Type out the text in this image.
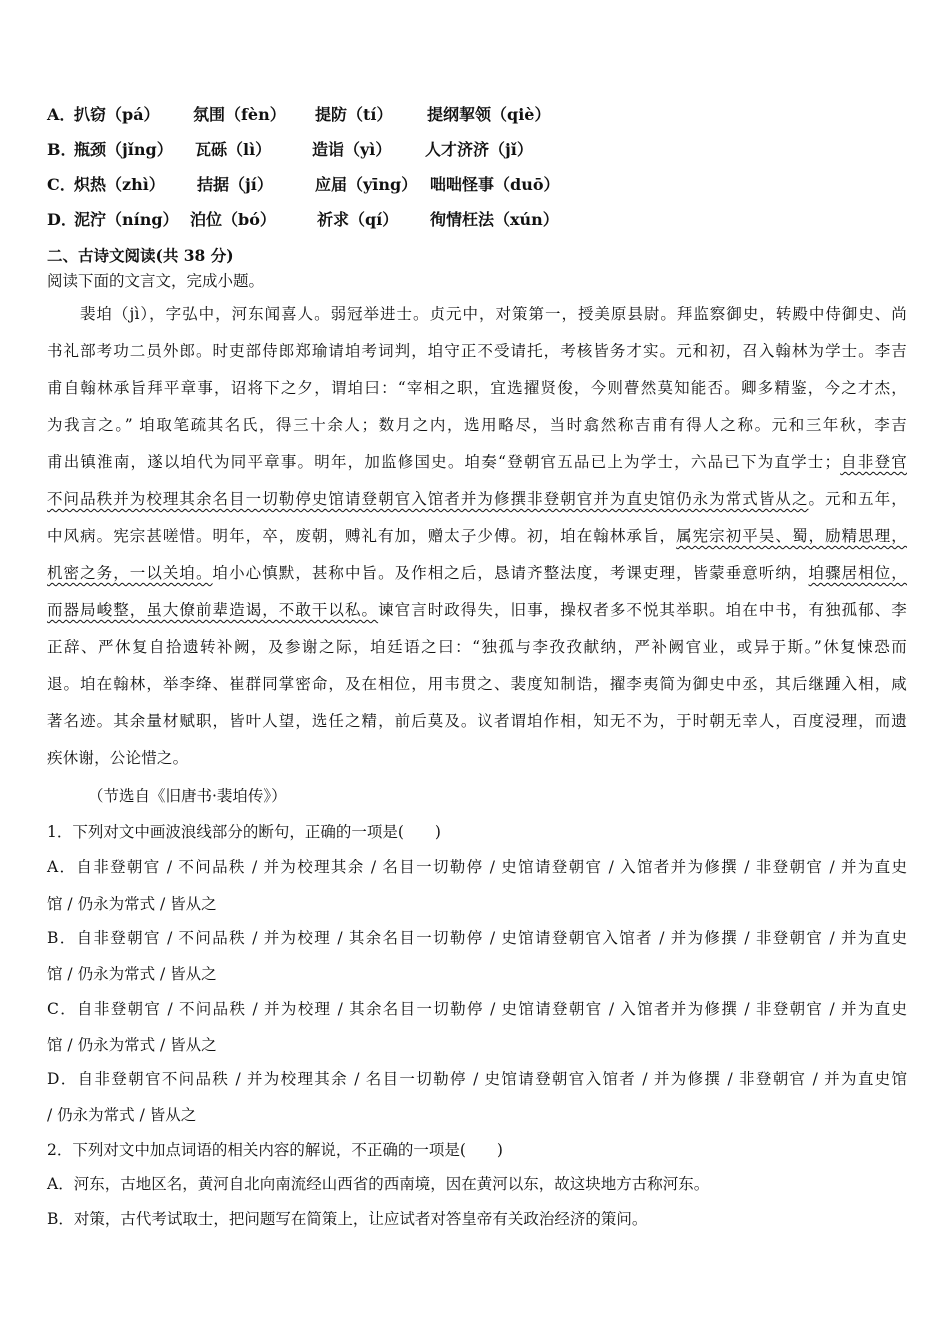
A．
扒窃（pá） 氛围（fèn） 提防（tí） 提纲挈领（qiè）
B．
瓶颈（jǐng） 瓦砾（lì）	造诣（yì） 人才济济（jǐ）
C．
炽热（zhì） 拮据（jí）	应届（yīng） 咄咄怪事（duō）
D．
泥泞（níng） 泊位（bó）	祈求（qí） 徇情枉法（xún）
二、古诗文阅读(共 38 分)
阅读下面的文言文，完成小题。
　　裴垍（jì），字弘中，河东闻喜人。弱冠举进士。贞元中，对策第一，授美原县尉。拜监察御史，转殿中侍御史、尚
书礼部考功二员外郎。时吏部侍郎郑瑜请垍考词判，垍守正不受请托，考核皆务才实。元和初，召入翰林为学士。李吉
甫自翰林承旨拜平章事，诏将下之夕，谓垍曰：“宰相之职，宜选擢贤俊，今则瞢然莫知能否。卿多精鉴，今之才杰，
为我言之。” 垍取笔疏其名氏，得三十余人；数月之内，选用略尽，当时翕然称吉甫有得人之称。元和三年秋，李吉
甫出镇淮南，遂以垍代为同平章事。明年，加监修国史。垍奏“登朝官五品已上为学士，六品已下为直学士；自非登官
不问品秩并为校理其余名目一切勒停史馆请登朝官入馆者并为修撰非登朝官并为直史馆仍永为常式皆从之。元和五年，
中风病。宪宗甚嗟惜。明年，卒，废朝，赙礼有加，赠太子少傅。初，垍在翰林承旨，属宪宗初平吴、蜀，励精思理，
机密之务，一以关垍。垍小心慎默，甚称中旨。及作相之后，恳请齐整法度，考课吏理，皆蒙垂意听纳，垍骤居相位，
而器局峻整，虽大僚前辈造谒，不敢干以私。谏官言时政得失，旧事，操权者多不悦其举职。垍在中书，有独孤郁、李
正辞、严休复自拾遗转补阙，及参谢之际，垍廷语之曰：“独孤与李孜孜献纳，严补阙官业，或异于斯。”休复悚恐而
退。垍在翰林，举李绛、崔群同掌密命，及在相位，用韦贯之、裴度知制诰，擢李夷简为御史中丞，其后继踵入相，咸
著名迹。其余量材赋职，皆叶人望，选任之精，前后莫及。议者谓垍作相，知无不为，于时朝无幸人，百度浸理，而遗
疾休谢，公论惜之。
（节选自《旧唐书·裴垍传》）
1．下列对文中画波浪线部分的断句，正确的一项是(　　)
A．自非登朝官 / 不问品秩 / 并为校理其余 / 名目一切勒停 / 史馆请登朝官 / 入馆者并为修撰 / 非登朝官 / 并为直史
馆 / 仍永为常式 / 皆从之
B．自非登朝官 / 不问品秩 / 并为校理 / 其余名目一切勒停 / 史馆请登朝官入馆者 / 并为修撰 / 非登朝官 / 并为直史
馆 / 仍永为常式 / 皆从之
C．自非登朝官 / 不问品秩 / 并为校理 / 其余名目一切勒停 / 史馆请登朝官 / 入馆者并为修撰 / 非登朝官 / 并为直史
馆 / 仍永为常式 / 皆从之
D．自非登朝官不问品秩 / 并为校理其余 / 名目一切勒停 / 史馆请登朝官入馆者 / 并为修撰 / 非登朝官 / 并为直史馆
/ 仍永为常式 / 皆从之
2．下列对文中加点词语的相关内容的解说，不正确的一项是(　　)
A．河东，古地区名，黄河自北向南流经山西省的西南境，因在黄河以东，故这块地方古称河东。
B．对策，古代考试取士，把问题写在简策上，让应试者对答皇帝有关政治经济的策问。
